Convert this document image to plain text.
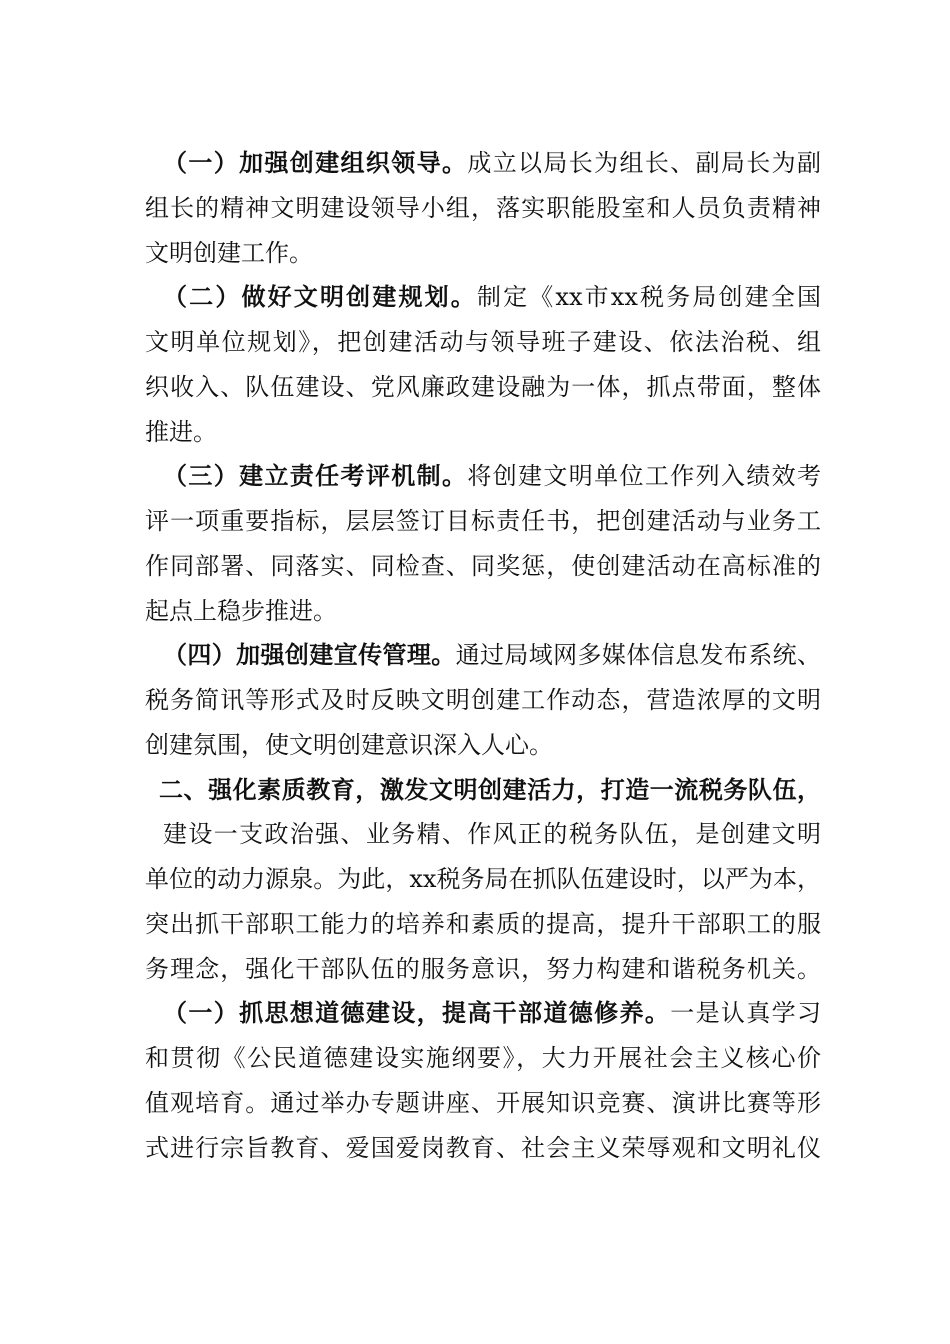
（一）加强创建组织领导。成立以局长为组长、副局长为副
组长的精神文明建设领导小组，落实职能股室和人员负责精神
文明创建工作。
（二）做好文明创建规划。制定《xx市xx税务局创建全国
文明单位规划》，把创建活动与领导班子建设、依法治税、组
织收入、队伍建设、党风廉政建设融为一体，抓点带面，整体
推进。
（三）建立责任考评机制。将创建文明单位工作列入绩效考
评一项重要指标，层层签订目标责任书，把创建活动与业务工
作同部署、同落实、同检查、同奖惩，使创建活动在高标准的
起点上稳步推进。
（四）加强创建宣传管理。通过局域网多媒体信息发布系统、
税务简讯等形式及时反映文明创建工作动态，营造浓厚的文明
创建氛围，使文明创建意识深入人心。
二、强化素质教育，激发文明创建活力，打造一流税务队伍，
建设一支政治强、业务精、作风正的税务队伍，是创建文明
单位的动力源泉。为此，xx税务局在抓队伍建设时，以严为本，
突出抓干部职工能力的培养和素质的提高，提升干部职工的服
务理念，强化干部队伍的服务意识，努力构建和谐税务机关。
（一）抓思想道德建设，提高干部道德修养。一是认真学习
和贯彻《公民道德建设实施纲要》，大力开展社会主义核心价
值观培育。通过举办专题讲座、开展知识竞赛、演讲比赛等形
式进行宗旨教育、爱国爱岗教育、社会主义荣辱观和文明礼仪
